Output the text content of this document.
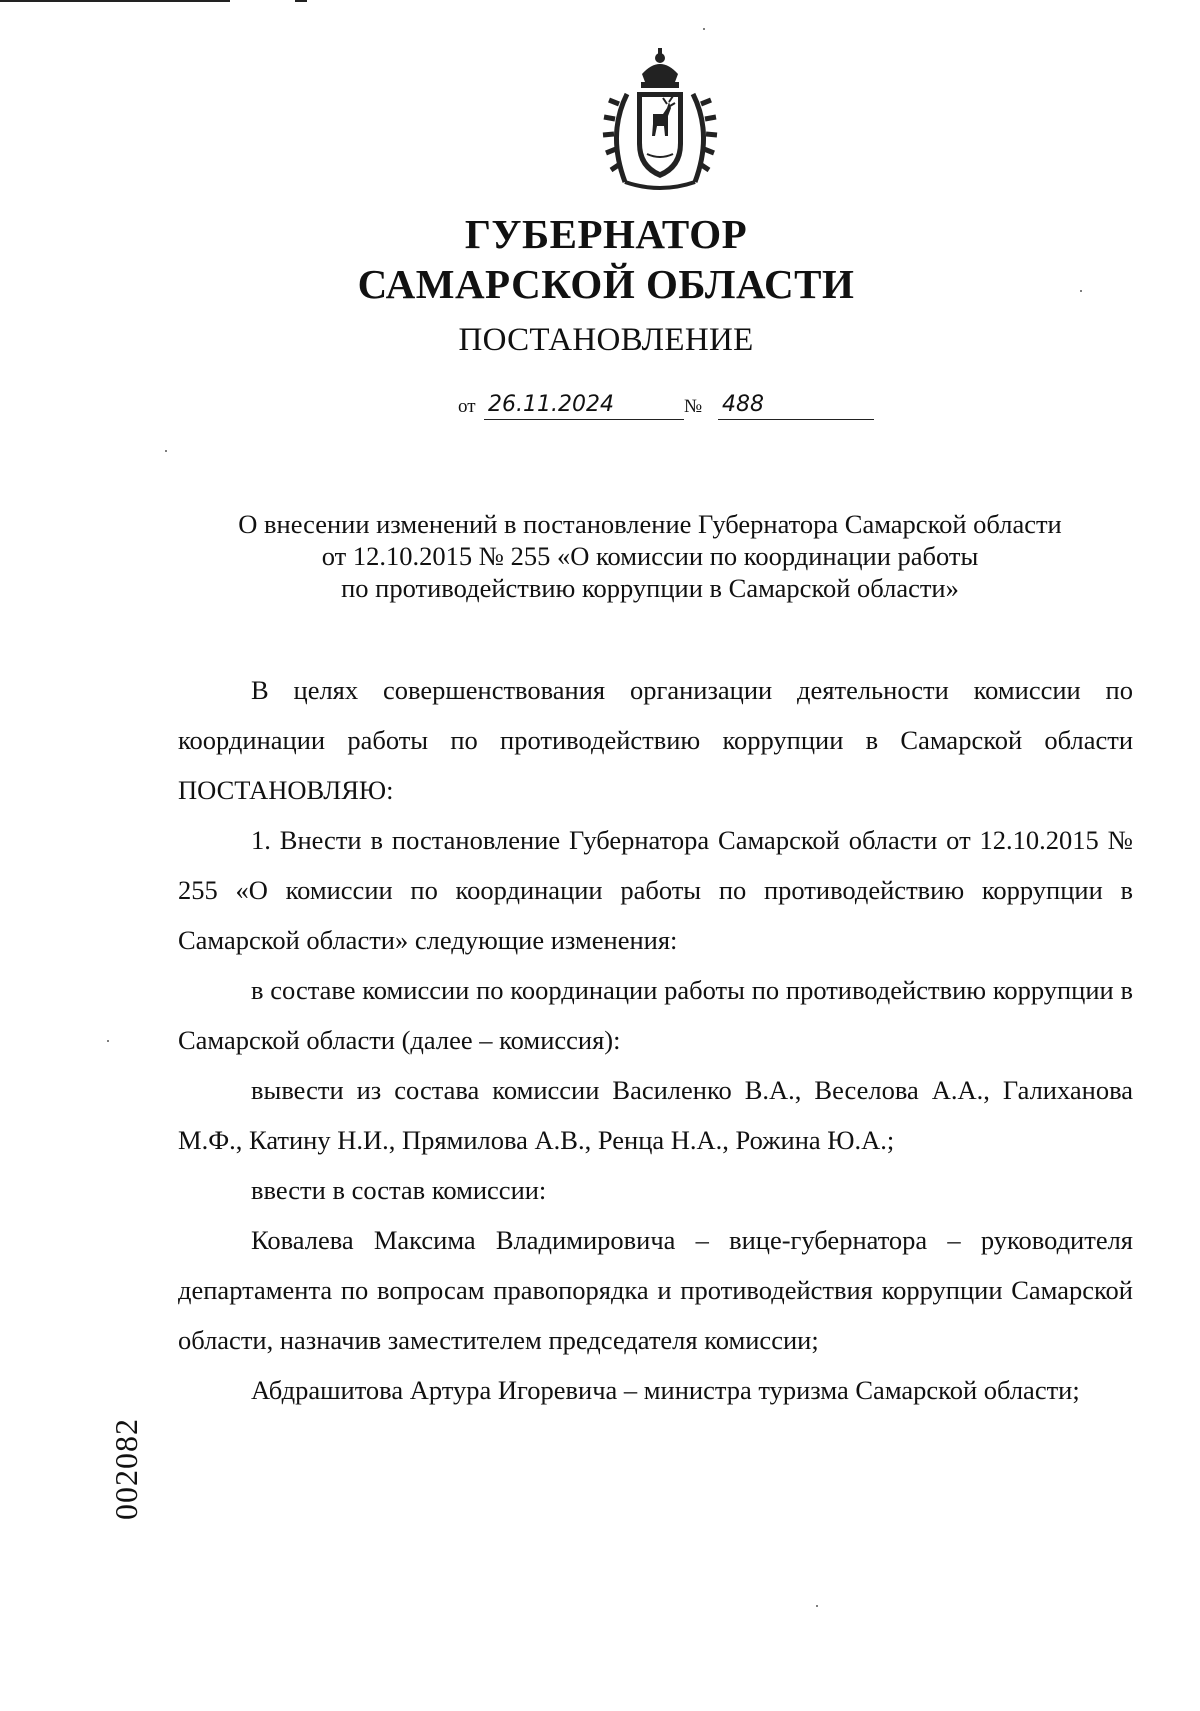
ГУБЕРНАТОР
САМАРСКОЙ ОБЛАСТИ
ПОСТАНОВЛЕНИЕ
от 26.11.2024	№ 488
О внесении изменений в постановление Губернатора Самарской области
от 12.10.2015 № 255 «О комиссии по координации работы
по противодействию коррупции в Самарской области»

В целях совершенствования организации деятельности комиссии по координации работы по противодействию коррупции в Самарской области ПОСТАНОВЛЯЮ:

1. Внести в постановление Губернатора Самарской области от 12.10.2015 № 255 «О комиссии по координации работы по противодействию коррупции в Самарской области» следующие изменения:

в составе комиссии по координации работы по противодействию коррупции в Самарской области (далее – комиссия):

вывести из состава комиссии Василенко В.А., Веселова А.А., Галиханова М.Ф., Катину Н.И., Прямилова А.В., Ренца Н.А., Рожина Ю.А.;

ввести в состав комиссии:

Ковалева Максима Владимировича – вице-губернатора – руководителя департамента по вопросам правопорядка и противодействия коррупции Самарской области, назначив заместителем председателя комиссии;

Абдрашитова Артура Игоревича – министра туризма Самарской области;

002082
